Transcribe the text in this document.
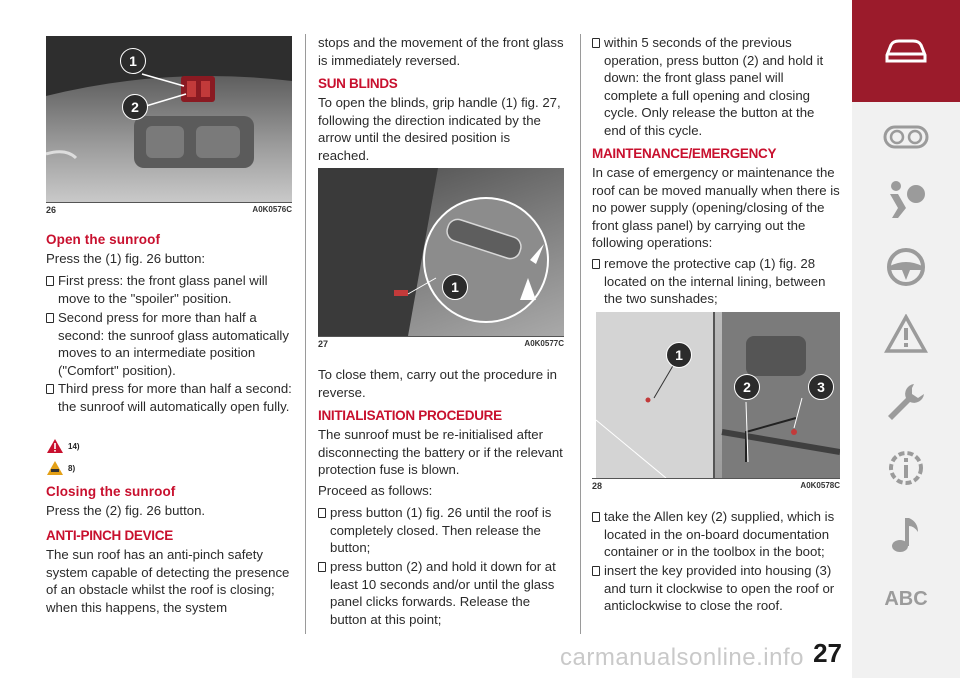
1
2
26	A0K0576C
Open the sunroof
Press the (1) fig. 26 button:
First press: the front glass panel will move to the "spoiler" position.
Second press for more than half a second: the sunroof glass automatically moves to an intermediate position ("Comfort" position).
Third press for more than half a second: the sunroof will automatically open fully.
14)
8)
Closing the sunroof
Press the (2) fig. 26 button.
ANTI-PINCH DEVICE
The sun roof has an anti-pinch safety system capable of detecting the presence of an obstacle whilst the roof is closing; when this happens, the system
stops and the movement of the front glass is immediately reversed.
SUN BLINDS
To open the blinds, grip handle (1) fig. 27, following the direction indicated by the arrow until the desired position is reached.
1
27	A0K0577C
To close them, carry out the procedure in reverse.
INITIALISATION PROCEDURE
The sunroof must be re-initialised after disconnecting the battery or if the relevant protection fuse is blown.
Proceed as follows:
press button (1) fig. 26 until the roof is completely closed. Then release the button;
press button (2) and hold it down for at least 10 seconds and/or until the glass panel clicks forwards. Release the button at this point;
within 5 seconds of the previous operation, press button (2) and hold it down: the front glass panel will complete a full opening and closing cycle. Only release the button at the end of this cycle.
MAINTENANCE/EMERGENCY
In case of emergency or maintenance the roof can be moved manually when there is no power supply (opening/closing of the front glass panel) by carrying out the following operations:
remove the protective cap (1) fig. 28 located on the internal lining, between the two sunshades;
1
2	3
28	A0K0578C
take the Allen key (2) supplied, which is located in the on-board documentation container or in the toolbox in the boot;
insert the key provided into housing (3) and turn it clockwise to open the roof or anticlockwise to close the roof.	ABC
27
carmanualsonline.info
